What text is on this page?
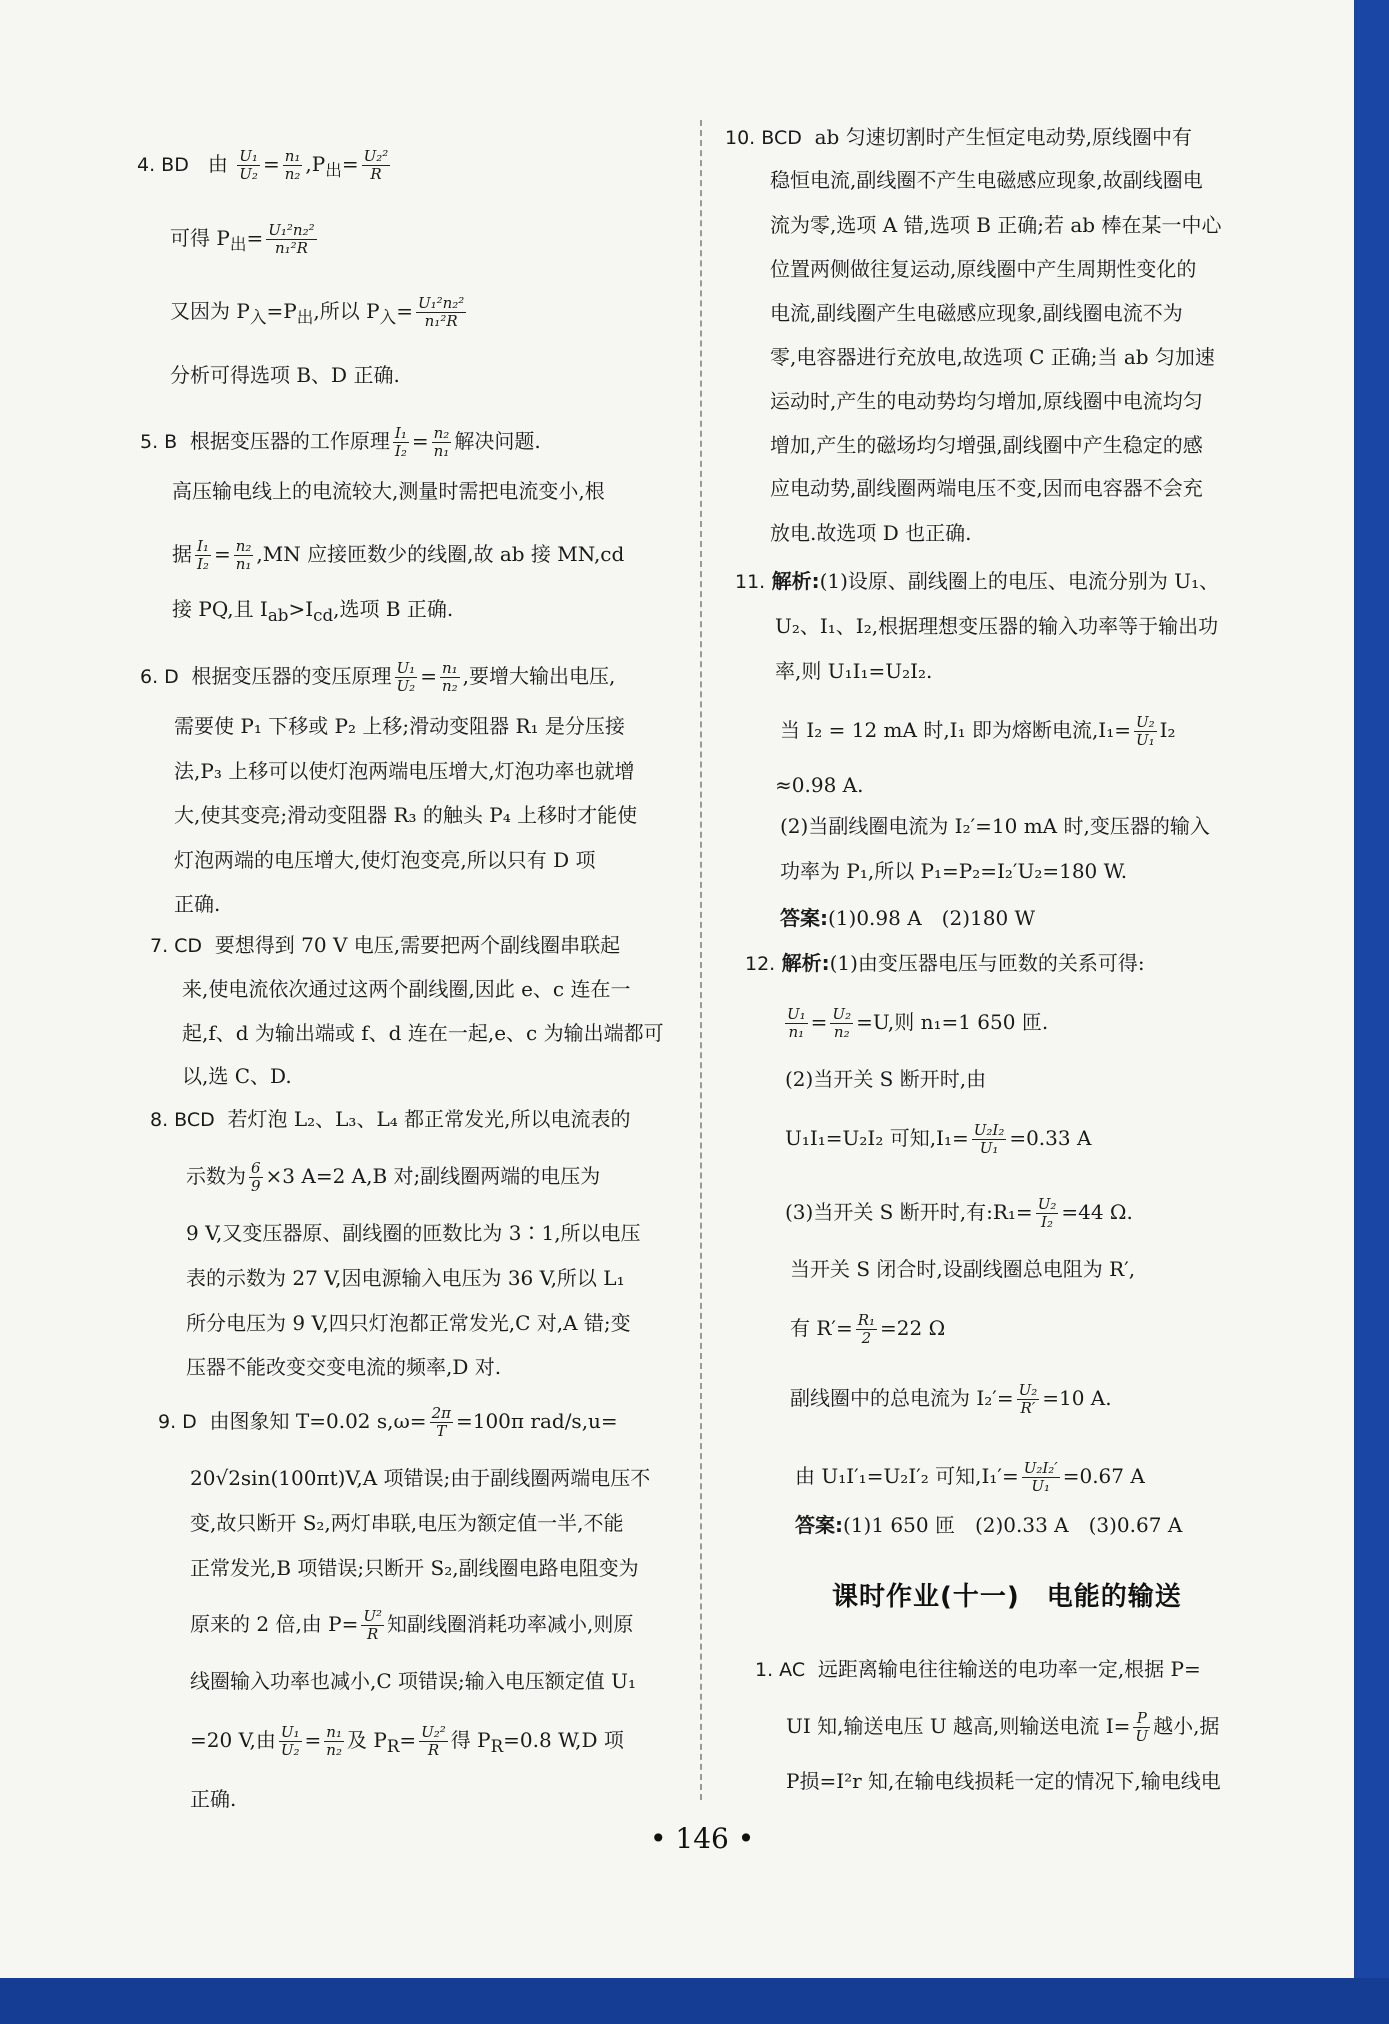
4. BD 由 $\frac{\text{U₁}}{\text{U₂}} = \frac{\text{n₁}}{\text{n₂}} ,P_出= \frac{\text{U₂²}}{R}$
可得 $P_出= \frac{\text{U₁²n₂²}}{\text{n₁²R}}$
又因为 $P_入=P_出$,所以 $P_入= \frac{\text{U₁²n₂²}}{\text{n₁²R}}$
分析可得选项 B、D 正确.
5. B 根据变压器的工作原理 $\frac{\text{I₁}}{\text{I₂}} = \frac{\text{n₂}}{\text{n₁}}$ 解决问题.
高压输电线上的电流较大,测量时需把电流变小,根
据 $\frac{\text{I₁}}{\text{I₂}} = \frac{\text{n₂}}{\text{n₁}} ,MN$ 应接匝数少的线圈,故 ab 接 MN,cd
接 PQ,且 $I_{ab}>I_{cd}$,选项 B 正确.
6. D 根据变压器的变压原理 $\frac{\text{U₁}}{\text{U₂}} = \frac{\text{n₁}}{\text{n₂}}$ ,要增大输出电压,
需要使 P₁ 下移或 P₂ 上移;滑动变阻器 R₁ 是分压接
法,P₃ 上移可以使灯泡两端电压增大,灯泡功率也就增
大,使其变亮;滑动变阻器 R₃ 的触头 P₄ 上移时才能使
灯泡两端的电压增大,使灯泡变亮,所以只有 D 项
正确.
7. CD 要想得到 70 V 电压,需要把两个副线圈串联起
来,使电流依次通过这两个副线圈,因此 e、c 连在一
起,f、d 为输出端或 f、d 连在一起,e、c 为输出端都可
以,选 C、D.
8. BCD 若灯泡 L₂、L₃、L₄ 都正常发光,所以电流表的
示数为 $\frac{6}{9} \times 3$ A=2 A,B 对;副线圈两端的电压为
9 V,又变压器原、副线圈的匝数比为 3∶1,所以电压
表的示数为 27 V,因电源输入电压为 36 V,所以 L₁
所分电压为 9 V,四只灯泡都正常发光,C 对,A 错;变
压器不能改变交变电流的频率,D 对.
9. D 由图象知 T=0.02 $s,\omega= \frac{2\pi}{T} =100\pi$ rad/s,u=
20√2sin(100πt)V,A 项错误;由于副线圈两端电压不
变,故只断开 S₂,两灯串联,电压为额定值一半,不能
正常发光,B 项错误;只断开 S₂,副线圈电路电阻变为
原来的 2 倍,由 $P= \frac{\text{U²}}{R}$ 知副线圈消耗功率减小,则原
线圈输入功率也减小,C 项错误;输入电压额定值 U₁
=20 V,由 $\frac{\text{U₁}}{\text{U₂}} = \frac{\text{n₁}}{\text{n₂}}$ 及 $P_R= \frac{\text{U₂²}}{R}$ 得 $P_R=0.8$ W,D 项
正确.
10. BCD ab 匀速切割时产生恒定电动势,原线圈中有
稳恒电流,副线圈不产生电磁感应现象,故副线圈电
流为零,选项 A 错,选项 B 正确;若 ab 棒在某一中心
位置两侧做往复运动,原线圈中产生周期性变化的
电流,副线圈产生电磁感应现象,副线圈电流不为
零,电容器进行充放电,故选项 C 正确;当 ab 匀加速
运动时,产生的电动势均匀增加,原线圈中电流均匀
增加,产生的磁场均匀增强,副线圈中产生稳定的感
应电动势,副线圈两端电压不变,因而电容器不会充
放电.故选项 D 也正确.
11. 解析:(1)设原、副线圈上的电压、电流分别为 U₁、
U₂、I₁、I₂,根据理想变压器的输入功率等于输出功
率,则 U₁I₁=U₂I₂.
当 I₂ = 12 mA 时,I₁ 即为熔断电流$,I_1= \frac{\text{U₂}}{\text{U₁}} I_2$
≈0.98 A.
(2)当副线圈电流为 I₂′=10 mA 时,变压器的输入
功率为 P₁,所以 P₁=P₂=I₂′U₂=180 W.
答案:(1)0.98 A　(2)180 W
12. 解析:(1)由变压器电压与匝数的关系可得:
$\frac{\text{U₁}}{\text{n₁}} = \frac{\text{U₂}}{\text{n₂}} =U$,则 n₁=1 650 匝.
(2)当开关 S 断开时,由
U₁I₁=U₂I₂ 可知$,I_1= \frac{\text{U₂I₂}}{\text{U₁}} =0.33$ A
(3)当开关 S 断开时,有:R₁= $\frac{\text{U₂}}{\text{I₂}} =44$ Ω.
当开关 S 闭合时,设副线圈总电阻为 R′,
有 $R'= \frac{\text{R₁}}{2} =22$ Ω
副线圈中的总电流为 $I_2'= \frac{\text{U₂}}{R'} =10$ A.
由 U₁I′₁=U₂I′₂ 可知$,I_1'= \frac{\text{U₂I₂′}}{\text{U₁}} =0.67$ A
答案:(1)1 650 匝　(2)0.33 A　(3)0.67 A
课时作业(十一)　电能的输送
1. AC 远距离输电往往输送的电功率一定,根据 P=
UI 知,输送电压 U 越高,则输送电流 $I= \frac{P}{U}$ 越小,据
P损=I²r 知,在输电线损耗一定的情况下,输电线电
• 146 •
